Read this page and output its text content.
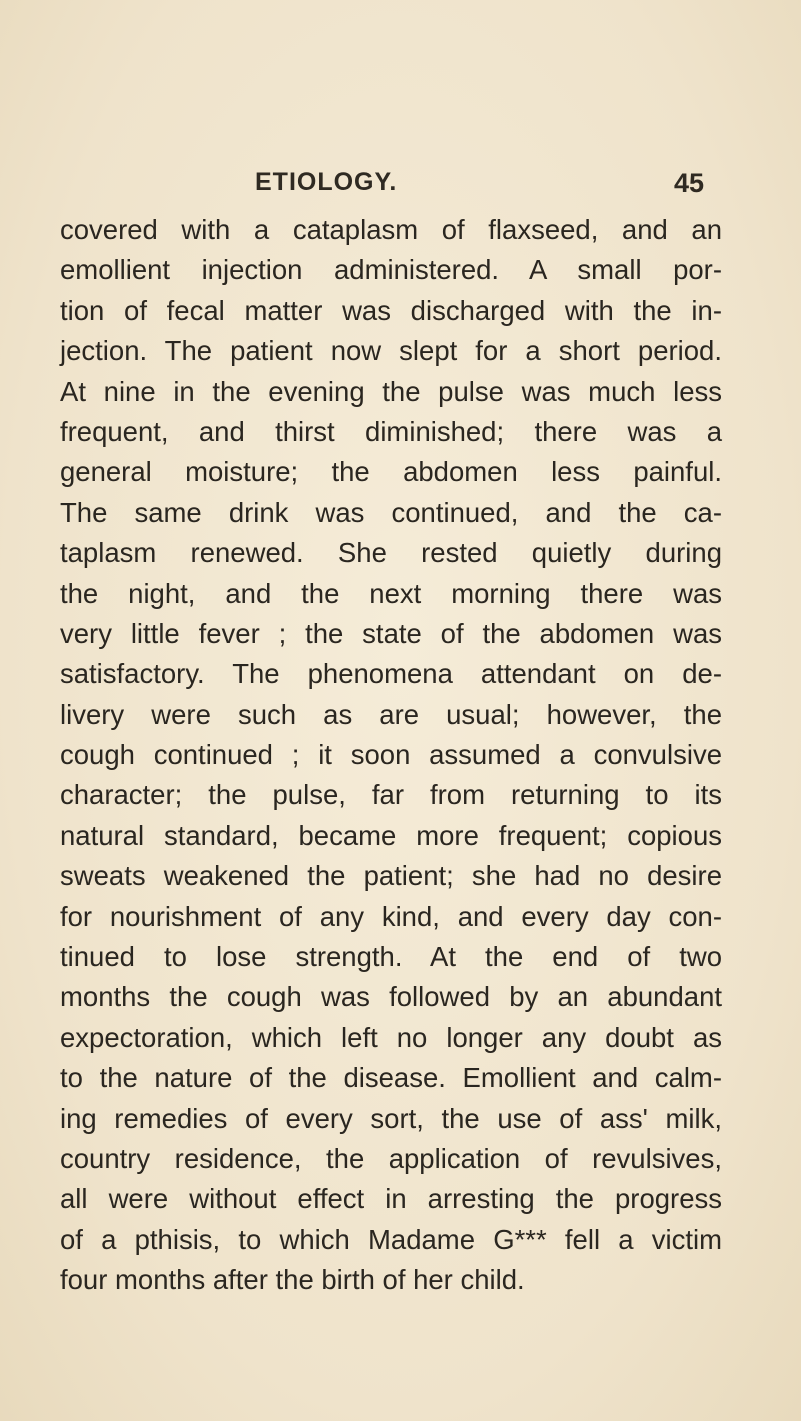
ETIOLOGY.	45
covered with a cataplasm of flaxseed, and an
emollient injection administered. A small por-
tion of fecal matter was discharged with the in-
jection. The patient now slept for a short period.
At nine in the evening the pulse was much less
frequent, and thirst diminished; there was a
general moisture; the abdomen less painful.
The same drink was continued, and the ca-
taplasm renewed. She rested quietly during
the night, and the next morning there was
very little fever ; the state of the abdomen was
satisfactory. The phenomena attendant on de-
livery were such as are usual; however, the
cough continued ; it soon assumed a convulsive
character; the pulse, far from returning to its
natural standard, became more frequent; copious
sweats weakened the patient; she had no desire
for nourishment of any kind, and every day con-
tinued to lose strength. At the end of two
months the cough was followed by an abundant
expectoration, which left no longer any doubt as
to the nature of the disease. Emollient and calm-
ing remedies of every sort, the use of ass' milk,
country residence, the application of revulsives,
all were without effect in arresting the progress
of a pthisis, to which Madame G*** fell a victim
four months after the birth of her child.
